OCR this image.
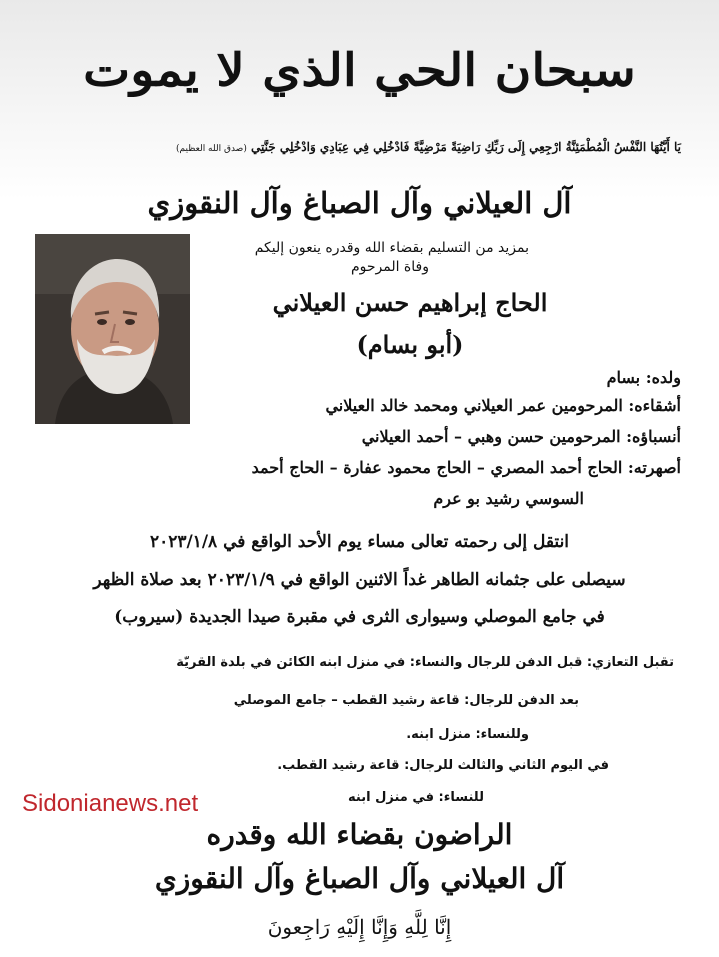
سبحان الحي الذي لا يموت
يَا أَيَّتُهَا النَّفْسُ الْمُطْمَئِنَّةُ ارْجِعِي إِلَى رَبِّكِ رَاضِيَةً مَرْضِيَّةً فَادْخُلِي فِي عِبَادِي وَادْخُلِي جَنَّتِي (صدق الله العظيم)
آل العيلاني وآل الصباغ وآل النقوزي
بمزيد من التسليم بقضاء الله وقدره ينعون إليكم
وفاة المرحوم
الحاج إبراهيم حسن العيلاني
(أبو بسام)
ولده: بسام
أشقاءه: المرحومين عمر العيلاني ومحمد خالد العيلاني
أنسباؤه: المرحومين حسن وهبي – أحمد العيلاني
أصهرته: الحاج أحمد المصري – الحاج محمود عفارة – الحاج أحمد
السوسي رشيد بو عرم
انتقل إلى رحمته تعالى مساء يوم الأحد الواقع في ٢٠٢٣/١/٨
سيصلى على جثمانه الطاهر غداً الاثنين الواقع في ٢٠٢٣/١/٩ بعد صلاة الظهر
في جامع الموصلي وسيوارى الثرى في مقبرة صيدا الجديدة (سيروب)
تقبل التعازي: قبل الدفن للرجال والنساء: في منزل ابنه الكائن في بلدة القريّة
بعد الدفن للرجال: قاعة رشيد القطب – جامع الموصلي
وللنساء: منزل ابنه.
في اليوم الثاني والثالث للرجال: قاعة رشيد القطب.
للنساء: في منزل ابنه
Sidonianews.net
الراضون بقضاء الله وقدره
آل العيلاني وآل الصباغ وآل النقوزي
إِنَّا لِلَّهِ وَإِنَّا إِلَيْهِ رَاجِعونَ
